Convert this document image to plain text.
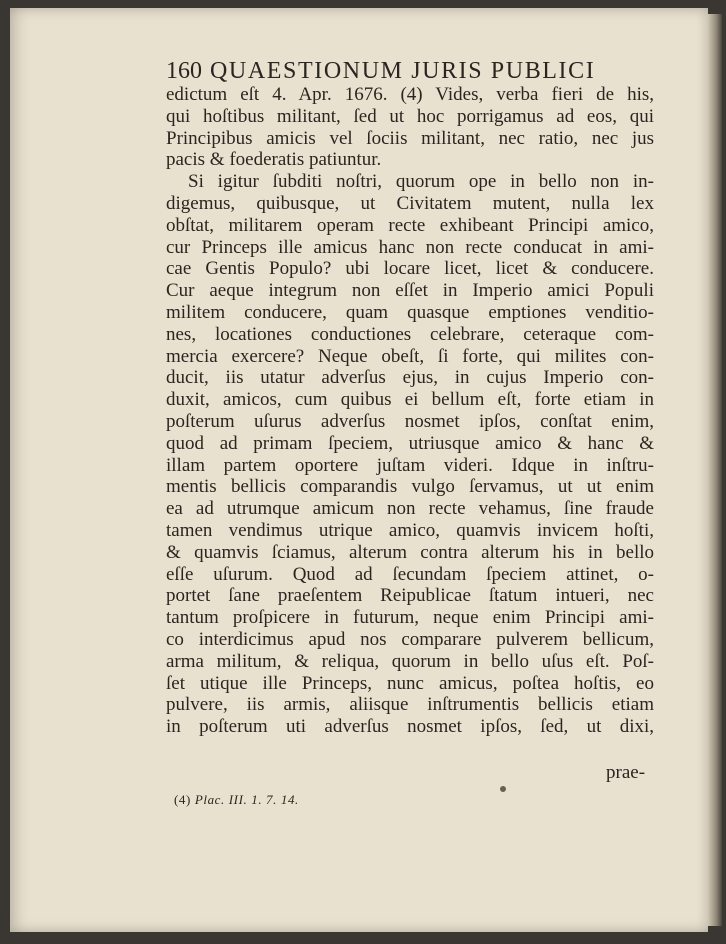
160 QUAESTIONUM JURIS PUBLICI
edictum eſt 4. Apr. 1676. (4) Vides, verba fieri de his,
qui hoſtibus militant, ſed ut hoc porrigamus ad eos, qui
Principibus amicis vel ſociis militant, nec ratio, nec jus
pacis & foederatis patiuntur.
Si igitur ſubditi noſtri, quorum ope in bello non in-
digemus, quibusque, ut Civitatem mutent, nulla lex
obſtat, militarem operam recte exhibeant Principi amico,
cur Princeps ille amicus hanc non recte conducat in ami-
cae Gentis Populo? ubi locare licet, licet & conducere.
Cur aeque integrum non eſſet in Imperio amici Populi
militem conducere, quam quasque emptiones venditio-
nes, locationes conductiones celebrare, ceteraque com-
mercia exercere? Neque obeſt, ſi forte, qui milites con-
ducit, iis utatur adverſus ejus, in cujus Imperio con-
duxit, amicos, cum quibus ei bellum eſt, forte etiam in
poſterum uſurus adverſus nosmet ipſos, conſtat enim,
quod ad primam ſpeciem, utriusque amico & hanc &
illam partem oportere juſtam videri. Idque in inſtru-
mentis bellicis comparandis vulgo ſervamus, ut ut enim
ea ad utrumque amicum non recte vehamus, ſine fraude
tamen vendimus utrique amico, quamvis invicem hoſti,
& quamvis ſciamus, alterum contra alterum his in bello
eſſe uſurum. Quod ad ſecundam ſpeciem attinet, o-
portet ſane praeſentem Reipublicae ſtatum intueri, nec
tantum proſpicere in futurum, neque enim Principi ami-
co interdicimus apud nos comparare pulverem bellicum,
arma militum, & reliqua, quorum in bello uſus eſt. Poſ-
ſet utique ille Princeps, nunc amicus, poſtea hoſtis, eo
pulvere, iis armis, aliisque inſtrumentis bellicis etiam
in poſterum uti adverſus nosmet ipſos, ſed, ut dixi,
prae-
(4) Plac. III. 1. 7. 14.
